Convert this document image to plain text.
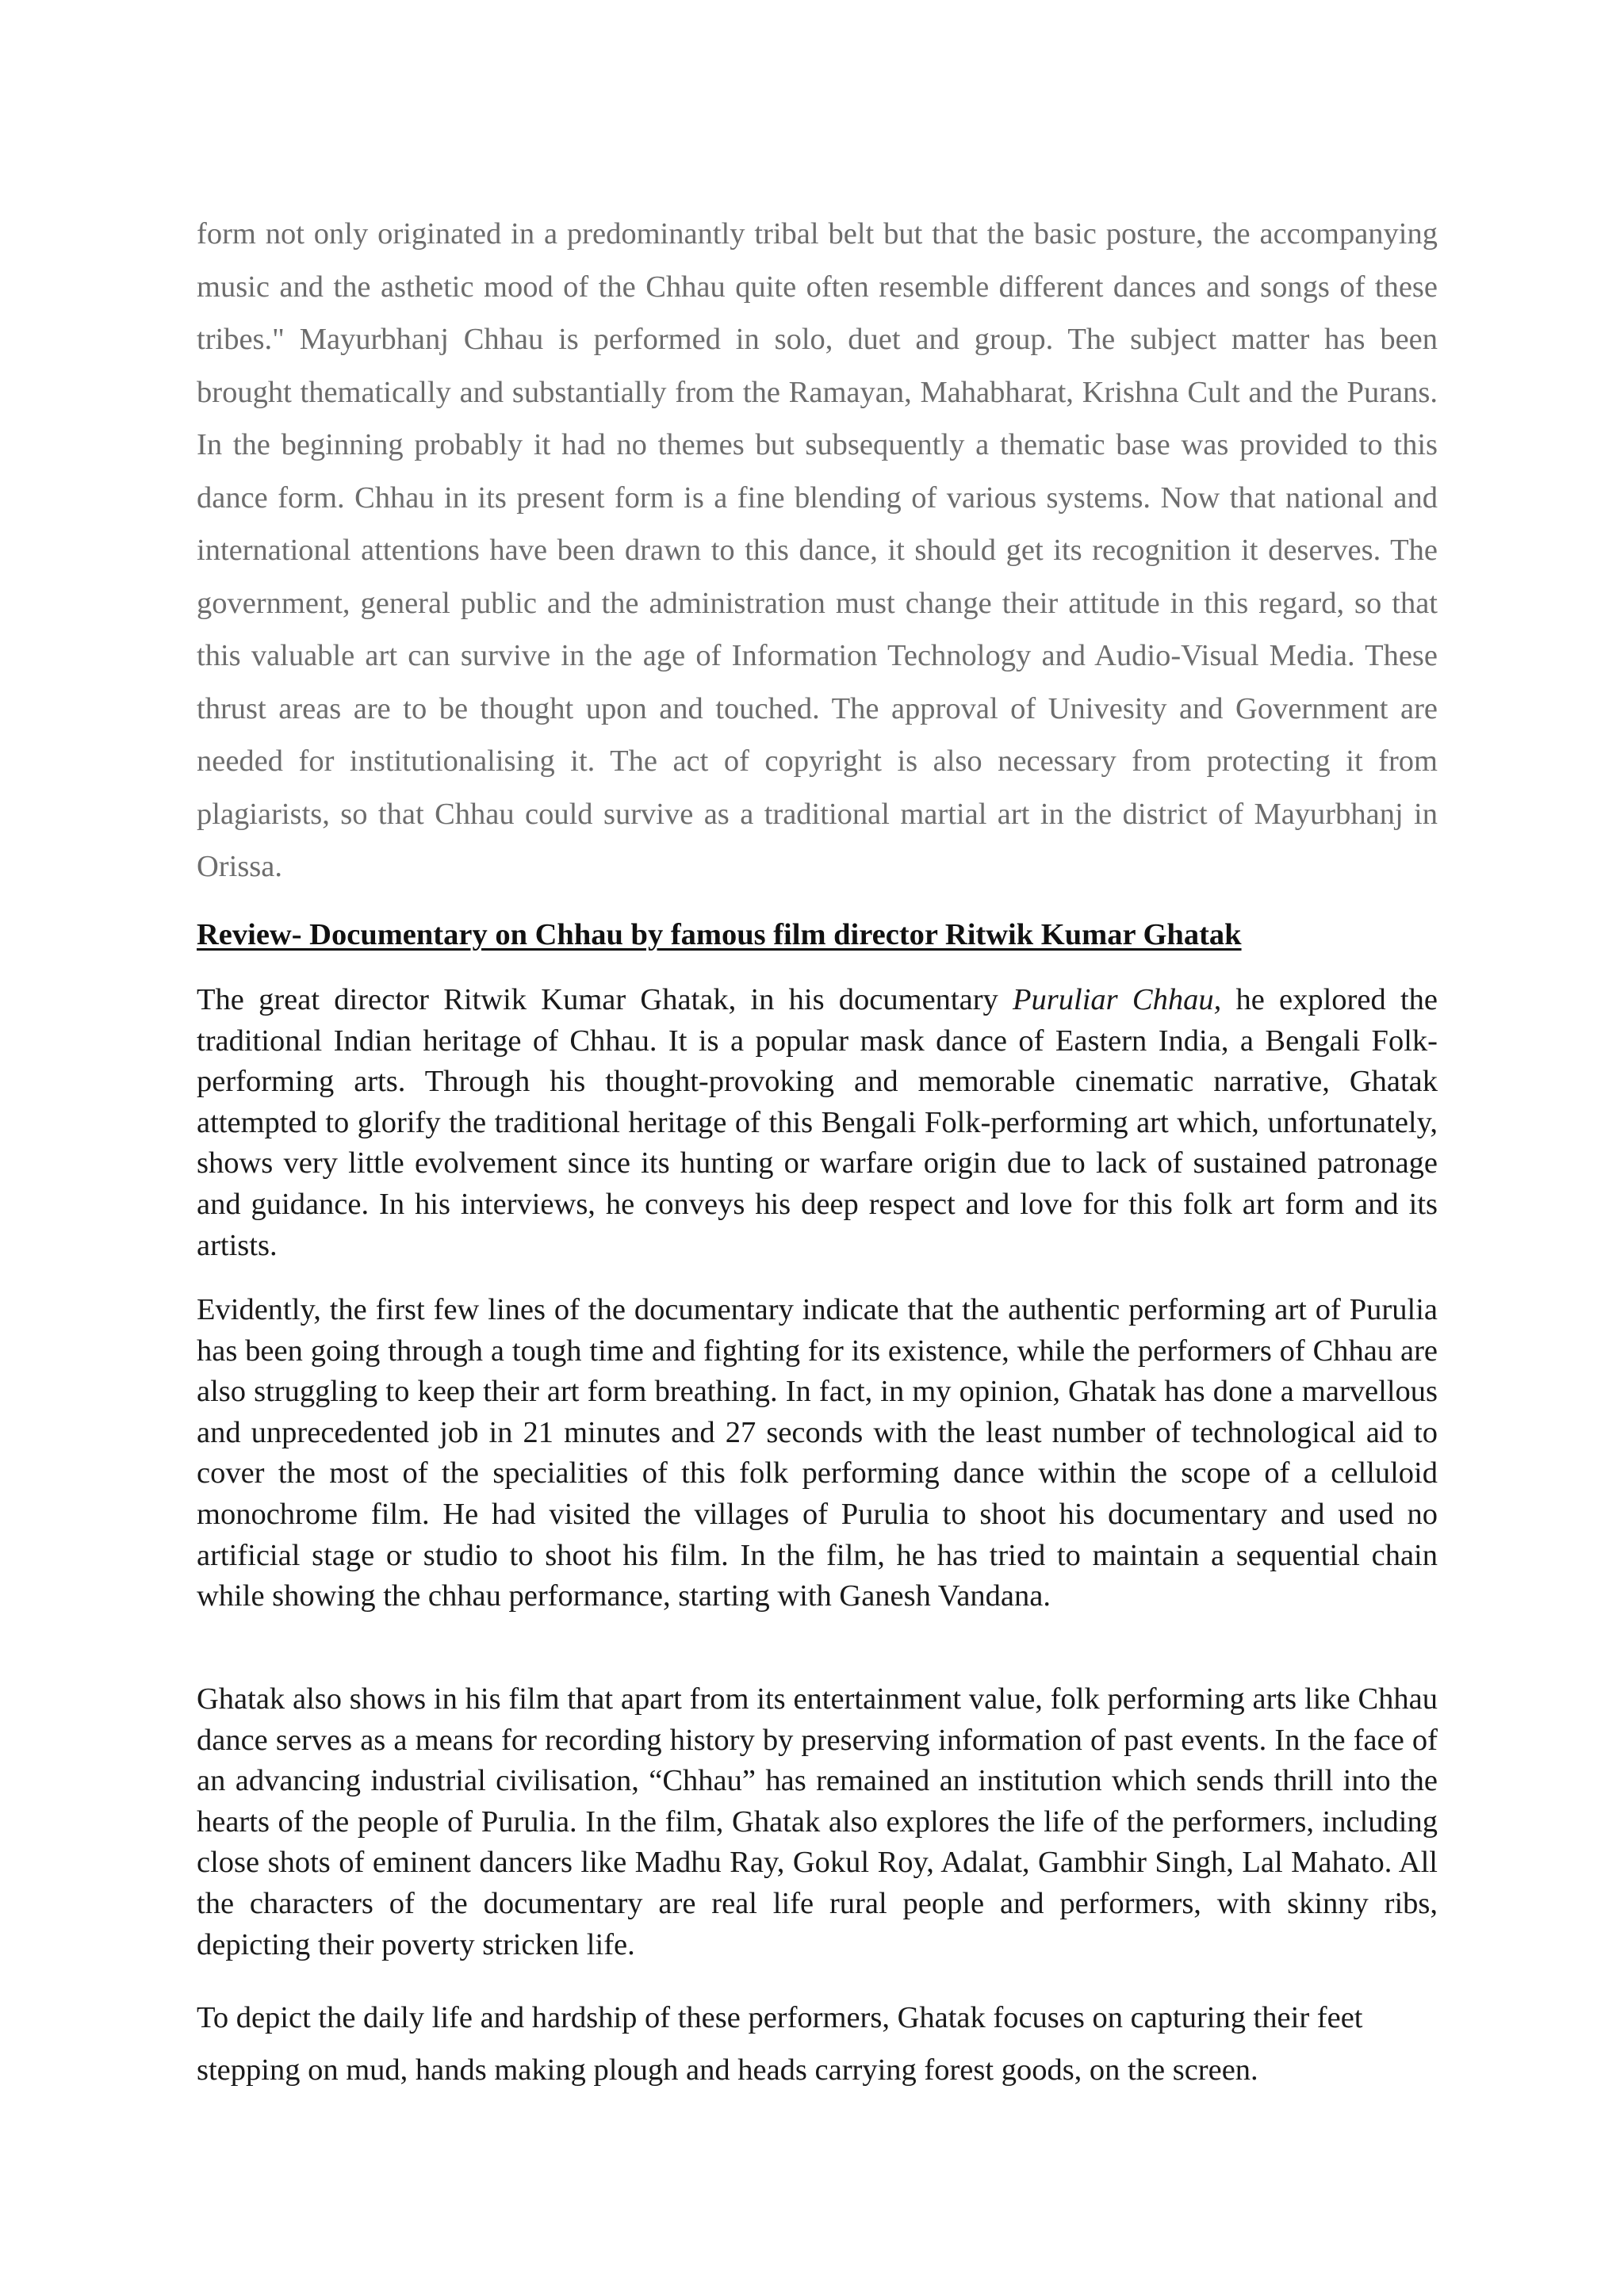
form not only originated in a predominantly tribal belt but that the basic posture, the accompanying music and the asthetic mood of the Chhau quite often resemble different dances and songs of these tribes." Mayurbhanj Chhau is performed in solo, duet and group. The subject matter has been brought thematically and substantially from the Ramayan, Mahabharat, Krishna Cult and the Purans. In the beginning probably it had no themes but subsequently a thematic base was provided to this dance form. Chhau in its present form is a fine blending of various systems. Now that national and international attentions have been drawn to this dance, it should get its recognition it deserves. The government, general public and the administration must change their attitude in this regard, so that this valuable art can survive in the age of Information Technology and Audio-Visual Media. These thrust areas are to be thought upon and touched. The approval of Univesity and Government are needed for institutionalising it. The act of copyright is also necessary from protecting it from plagiarists, so that Chhau could survive as a traditional martial art in the district of Mayurbhanj in Orissa.

Review- Documentary on Chhau by famous film director Ritwik Kumar Ghatak

The great director Ritwik Kumar Ghatak, in his documentary Puruliar Chhau, he explored the traditional Indian heritage of Chhau. It is a popular mask dance of Eastern India, a Bengali Folk-performing arts. Through his thought-provoking and memorable cinematic narrative, Ghatak attempted to glorify the traditional heritage of this Bengali Folk-performing art which, unfortunately, shows very little evolvement since its hunting or warfare origin due to lack of sustained patronage and guidance. In his interviews, he conveys his deep respect and love for this folk art form and its artists.

Evidently, the first few lines of the documentary indicate that the authentic performing art of Purulia has been going through a tough time and fighting for its existence, while the performers of Chhau are also struggling to keep their art form breathing. In fact, in my opinion, Ghatak has done a marvellous and unprecedented job in 21 minutes and 27 seconds with the least number of technological aid to cover the most of the specialities of this folk performing dance within the scope of a celluloid monochrome film. He had visited the villages of Purulia to shoot his documentary and used no artificial stage or studio to shoot his film. In the film, he has tried to maintain a sequential chain while showing the chhau performance, starting with Ganesh Vandana.

Ghatak also shows in his film that apart from its entertainment value, folk performing arts like Chhau dance serves as a means for recording history by preserving information of past events. In the face of an advancing industrial civilisation, “Chhau” has remained an institution which sends thrill into the hearts of the people of Purulia. In the film, Ghatak also explores the life of the performers, including close shots of eminent dancers like Madhu Ray, Gokul Roy, Adalat, Gambhir Singh, Lal Mahato. All the characters of the documentary are real life rural people and performers, with skinny ribs, depicting their poverty stricken life.

To depict the daily life and hardship of these performers, Ghatak focuses on capturing their feet stepping on mud, hands making plough and heads carrying forest goods, on the screen.
